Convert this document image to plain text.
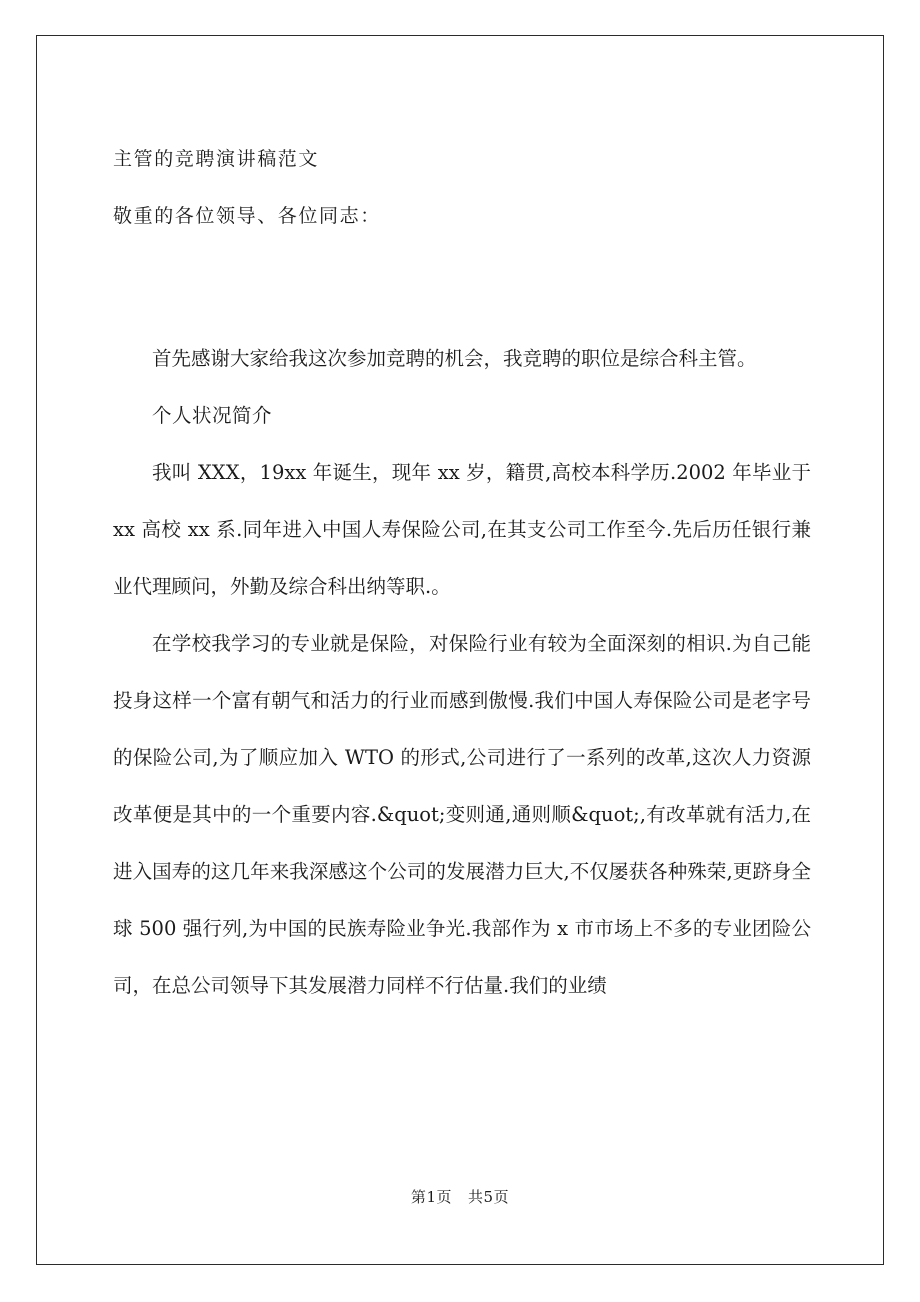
主管的竞聘演讲稿范文
敬重的各位领导、各位同志：

首先感谢大家给我这次参加竞聘的机会，我竞聘的职位是综合科主管。

个人状况简介

我叫 XXX，19xx 年诞生，现年 xx 岁，籍贯,高校本科学历.2002 年毕业于 xx 高校 xx 系.同年进入中国人寿保险公司,在其支公司工作至今.先后历任银行兼业代理顾问，外勤及综合科出纳等职.。

在学校我学习的专业就是保险，对保险行业有较为全面深刻的相识.为自己能投身这样一个富有朝气和活力的行业而感到傲慢.我们中国人寿保险公司是老字号的保险公司,为了顺应加入 WTO 的形式,公司进行了一系列的改革,这次人力资源改革便是其中的一个重要内容.&quot;变则通,通则顺&quot;,有改革就有活力,在进入国寿的这几年来我深感这个公司的发展潜力巨大,不仅屡获各种殊荣,更跻身全球 500 强行列,为中国的民族寿险业争光.我部作为 x 市市场上不多的专业团险公司，在总公司领导下其发展潜力同样不行估量.我们的业绩

第1页 共5页
